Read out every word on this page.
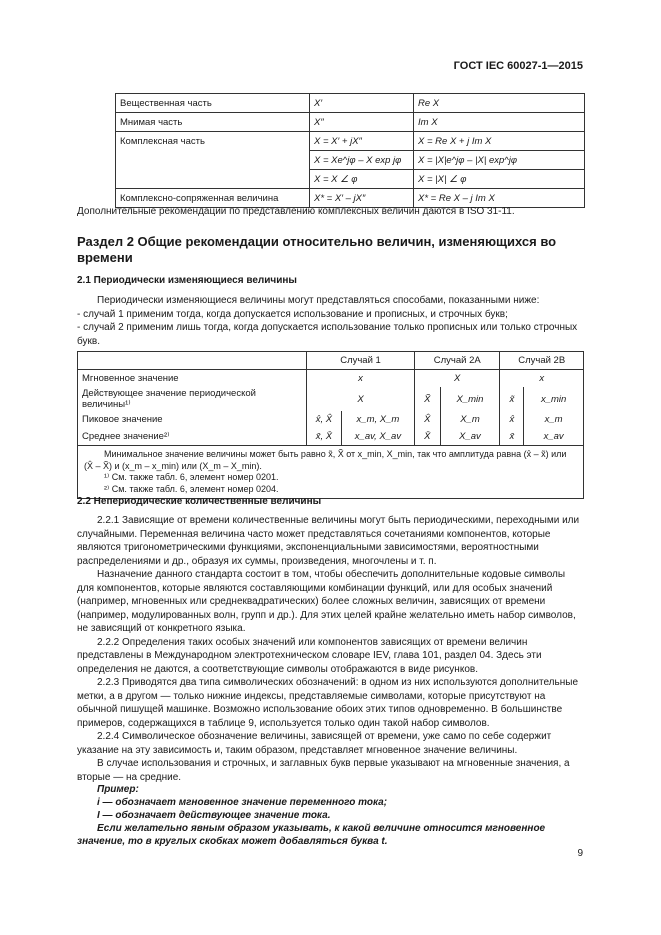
ГОСТ IEC 60027-1—2015
Вещественная часть	X′	Re X
Мнимая часть	X″	Im X
Комплексная часть	X = X′ + jX″	X = Re X + j Im X
	X = Xe^jφ – X exp jφ	X = |X|e^jφ – |X| exp^jφ
	X = X ∠ φ	X = |X| ∠ φ
Комплексно-сопряженная величина	X* = X′ – jX″	X* = Re X – j Im X
Дополнительные рекомендации по представлению комплексных величин даются в ISO 31-11.
Раздел 2 Общие рекомендации относительно величин, изменяющихся во времени
2.1 Периодически изменяющиеся величины
Периодически изменяющиеся величины могут представляться способами, показанными ниже:
- случай 1 применим тогда, когда допускается использование и прописных, и строчных букв;
- случай 2 применим лишь тогда, когда допускается использование только прописных или только строчных букв.
	Случай 1		Случай 2А		Случай 2В	
Мгновенное значение	x		X		x	
Действующее значение периодической величины¹⁾	X		X̃	X_min	x̃	x_min
Пиковое значение	x̂, X̂	x_m, X_m	X̂	X_m	x̂	x_m
Среднее значение²⁾	x̄, X̄	x_av, X_av	X̄	X_av	x̄	x_av

Минимальное значение величины может быть равно x̃, X̃ от x_min, X_min, так что амплитуда равна (x̂ – x̃) или (X̂ – X̃) и (x_m – x_min) или (X_m – X_min).
¹⁾ См. также табл. 6, элемент номер 0201.
²⁾ См. также табл. 6, элемент номер 0204.						
2.2 Непериодические количественные величины
2.2.1 Зависящие от времени количественные величины могут быть периодическими, переходными или случайными. Переменная величина часто может представляться сочетаниями компонентов, которые являются тригонометрическими функциями, экспоненциальными зависимостями, вероятностными распределениями и др., образуя их суммы, произведения, многочлены и т. п.
Назначение данного стандарта состоит в том, чтобы обеспечить дополнительные кодовые символы для компонентов, которые являются составляющими комбинации функций, или для особых значений (например, мгновенных или среднеквадратических) более сложных величин, зависящих от времени (например, модулированных волн, групп и др.). Для этих целей крайне желательно иметь набор символов, не зависящий от конкретного языка.
2.2.2 Определения таких особых значений или компонентов зависящих от времени величин представлены в Международном электротехническом словаре IEV, глава 101, раздел 04. Здесь эти определения не даются, а соответствующие символы отображаются в виде рисунков.
2.2.3 Приводятся два типа символических обозначений: в одном из них используются дополнительные метки, а в другом — только нижние индексы, представляемые символами, которые присутствуют на обычной пишущей машинке. Возможно использование обоих этих типов одновременно. В большинстве примеров, содержащихся в таблице 9, используется только один такой набор символов.
2.2.4 Символическое обозначение величины, зависящей от времени, уже само по себе содержит указание на эту зависимость и, таким образом, представляет мгновенное значение величины.
В случае использования и строчных, и заглавных букв первые указывают на мгновенные значения, а вторые — на средние.
Пример:
i — обозначает мгновенное значение переменного тока;
I — обозначает действующее значение тока.
Если желательно явным образом указывать, к какой величине относится мгновенное значение, то в круглых скобках может добавляться буква t.
9
